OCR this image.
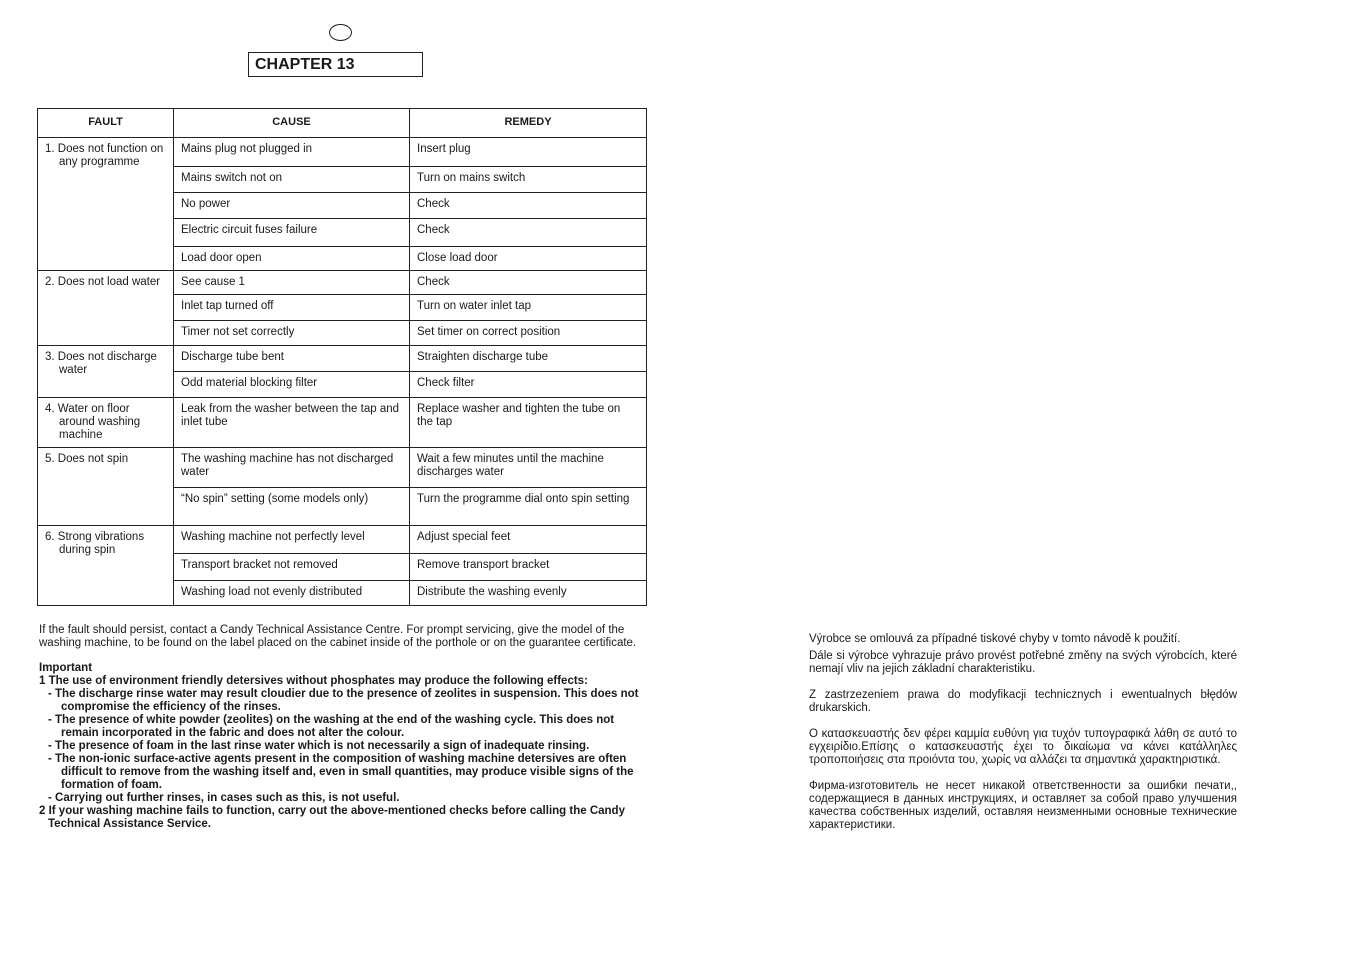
CHAPTER 13
FAULT	CAUSE	REMEDY

1. Does not function on any programme	Mains plug not plugged in	Insert plug
	Mains switch not on	Turn on mains switch
	No power	Check
	Electric circuit fuses failure	Check
	Load door open	Close load door

2. Does not load water	See cause 1	Check
	Inlet tap turned off	Turn on water inlet tap
	Timer not set correctly	Set timer on correct position

3. Does not discharge water	Discharge tube bent	Straighten discharge tube
	Odd material blocking filter	Check filter

4. Water on floor around washing machine	Leak from the washer between the tap and inlet tube	Replace washer and tighten the tube on the tap

5. Does not spin	The washing machine has not discharged water	Wait a few minutes until the machine discharges water
	“No spin” setting (some models only)	Turn the programme dial onto spin setting

6. Strong vibrations during spin	Washing machine not perfectly level	Adjust special feet
	Transport bracket not removed	Remove transport bracket
	Washing load not evenly distributed	Distribute the washing evenly

If the fault should persist, contact a Candy Technical Assistance Centre. For prompt servicing, give the model of the washing machine, to be found on the label placed on the cabinet inside of the porthole or on the guarantee certificate.

Important
1 The use of environment friendly detersives without phosphates may produce the following effects:
- The discharge rinse water may result cloudier due to the presence of zeolites in suspension. This does not compromise the efficiency of the rinses.
- The presence of white powder (zeolites) on the washing at the end of the washing cycle. This does not remain incorporated in the fabric and does not alter the colour.
- The presence of foam in the last rinse water which is not necessarily a sign of inadequate rinsing.
- The non-ionic surface-active agents present in the composition of washing machine detersives are often difficult to remove from the washing itself and, even in small quantities, may produce visible signs of the formation of foam.
- Carrying out further rinses, in cases such as this, is not useful.
2 If your washing machine fails to function, carry out the above-mentioned checks before calling the Candy Technical Assistance Service.

Výrobce se omlouvá za případné tiskové chyby v tomto návodě k použití.

Dále si výrobce vyhrazuje právo provést potřebné změny na svých výrobcích, které nemají vliv na jejich základní charakteristiku.

Z zastrzezeniem prawa do modyfikacji technicznych i ewentualnych błędów drukarskich.

Ο κατασκευαστής δεν φέρει καμμία ευθύνη για τυχόν τυπογραφικά λάθη σε αυτό το εγχειρίδιο.Επίσης ο κατασκευαστής έχει το δικαίωμα να κάνει κατάλληλες τροποποιήσεις στα προιόντα του, χωρίς να αλλάζει τα σημαντικά χαρακτηριστικά.

Фирма-изготовитель не несет никакой ответственности за ошибки печати,, содержащиеся в данных инструкциях, и оставляет за собой право улучшения качества собственных изделий, оставляя неизменными основные технические характеристики.
